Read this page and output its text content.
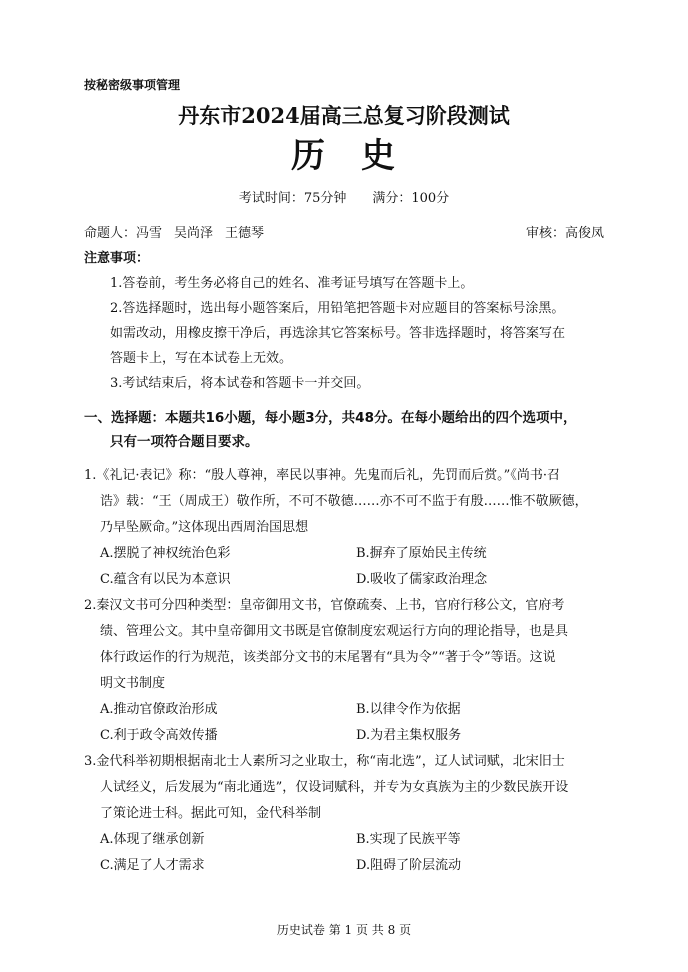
按秘密级事项管理
丹东市2024届高三总复习阶段测试
历 史
考试时间：75分钟 满分：100分
命题人：冯雪 吴尚泽 王德琴	审核：高俊凤
注意事项：
1.答卷前，考生务必将自己的姓名、准考证号填写在答题卡上。
2.答选择题时，选出每小题答案后，用铅笔把答题卡对应题目的答案标号涂黑。
如需改动，用橡皮擦干净后，再选涂其它答案标号。答非选择题时，将答案写在
答题卡上，写在本试卷上无效。
3.考试结束后，将本试卷和答题卡一并交回。
一、选择题：本题共16小题，每小题3分，共48分。在每小题给出的四个选项中，
只有一项符合题目要求。
1.《礼记·表记》称：“殷人尊神，率民以事神。先鬼而后礼，先罚而后赏。”《尚书·召
诰》载：“王（周成王）敬作所，不可不敬德……亦不可不监于有殷……惟不敬厥德，
乃早坠厥命。”这体现出西周治国思想
A.摆脱了神权统治色彩	B.摒弃了原始民主传统
C.蕴含有以民为本意识	D.吸收了儒家政治理念
2.秦汉文书可分四种类型：皇帝御用文书，官僚疏奏、上书，官府行移公文，官府考
绩、管理公文。其中皇帝御用文书既是官僚制度宏观运行方向的理论指导，也是具
体行政运作的行为规范，该类部分文书的末尾署有“具为令”“著于令”等语。这说
明文书制度
A.推动官僚政治形成	B.以律令作为依据
C.利于政令高效传播	D.为君主集权服务
3.金代科举初期根据南北士人素所习之业取士，称“南北选”，辽人试词赋，北宋旧士
人试经义，后发展为“南北通选”，仅设词赋科，并专为女真族为主的少数民族开设
了策论进士科。据此可知，金代科举制
A.体现了继承创新	B.实现了民族平等
C.满足了人才需求	D.阻碍了阶层流动
历史试卷 第 1 页 共 8 页
